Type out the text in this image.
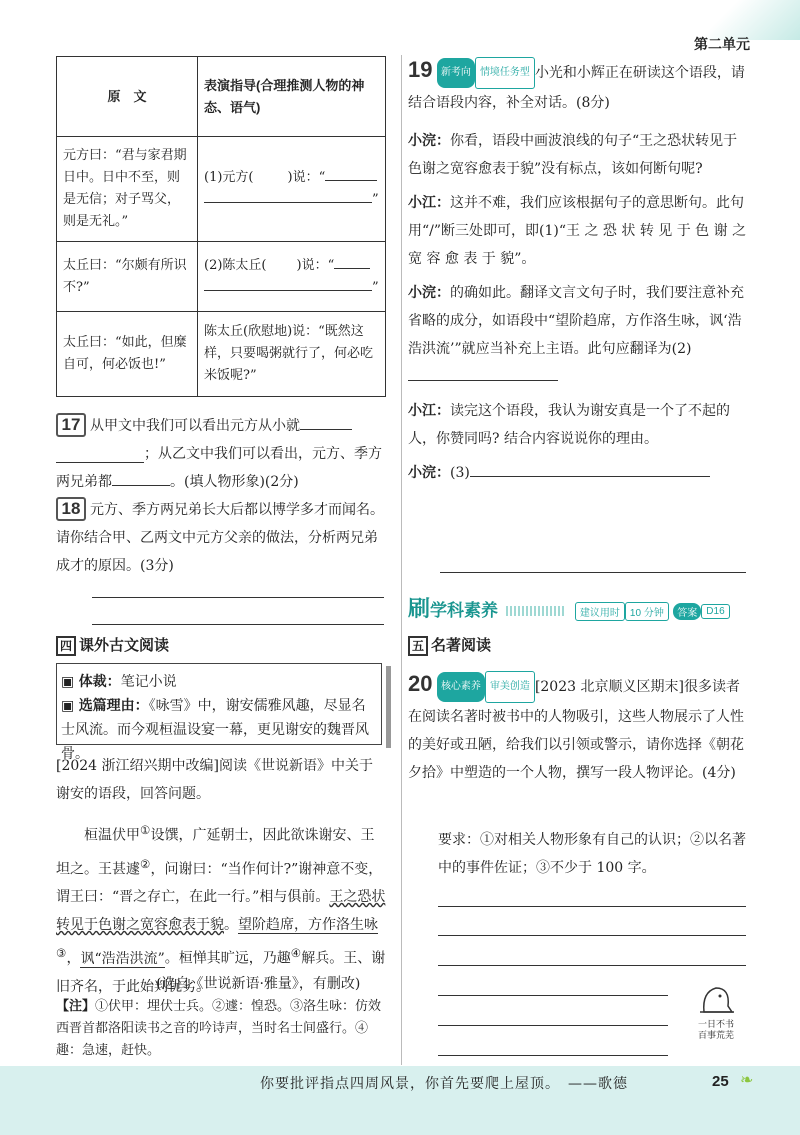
第二单元
原　文	表演指导(合理推测人物的神态、语气)
元方曰：“君与家君期日中。日中不至，则是无信；对子骂父，则是无礼。”	(1)元方( )说：“
”
太丘曰：“尔颇有所识不?”	(2)陈太丘( )说：“
”
太丘曰：“如此，但糜自可，何必饭也!”	陈太丘(欣慰地)说：“既然这样，只要喝粥就行了，何必吃米饭呢?”
17 从甲文中我们可以看出元方从小就
；从乙文中我们可以看出，元方、季方两兄弟都	。(填人物形象)(2分)
18 元方、季方两兄弟长大后都以博学多才而闻名。请你结合甲、乙两文中元方父亲的做法，分析两兄弟成才的原因。(3分)
四 课外古文阅读
▣ 体裁：笔记小说
▣ 选篇理由：《咏雪》中，谢安儒雅风趣，尽显名士风流。而今观桓温设宴一幕，更见谢安的魏晋风骨。
[2024 浙江绍兴期中改编]阅读《世说新语》中关于谢安的语段，回答问题。
桓温伏甲①设馔，广延朝士，因此欲诛谢安、王坦之。王甚遽②，问谢曰：“当作何计?”谢神意不变，谓王曰：“晋之存亡，在此一行。”相与俱前。王之恐状转见于色谢之宽容愈表于貌。望阶趋席，方作洛生咏③，讽“浩浩洪流”。桓惮其旷远，乃趣④解兵。王、谢旧齐名，于此始判优劣。
(选自《世说新语·雅量》，有删改)
【注】①伏甲：埋伏士兵。②遽：惶恐。③洛生咏：仿效西晋首都洛阳读书之音的吟诗声，当时名士间盛行。④趣：急速，赶快。
19 新考向 情境任务型 小光和小辉正在研读这个语段，请结合语段内容，补全对话。(8分)
小浣：你看，语段中画波浪线的句子“王之恐状转见于色谢之宽容愈表于貌”没有标点，该如何断句呢?
小江：这并不难，我们应该根据句子的意思断句。此句用“/”断三处即可，即(1)“王 之 恐 状 转 见 于 色 谢 之 宽 容 愈 表 于 貌”。
小浣：的确如此。翻译文言文句子时，我们要注意补充省略的成分，如语段中“望阶趋席，方作洛生咏，讽‘浩浩洪流’”就应当补充上主语。此句应翻译为(2)
小江：读完这个语段，我认为谢安真是一个了不起的人，你赞同吗? 结合内容说说你的理由。
小浣：(3)
刷学科素养	建议用时 10 分钟 答案 D16
五 名著阅读
20 核心素养 审美创造 [2023 北京顺义区期末]很多读者在阅读名著时被书中的人物吸引，这些人物展示了人性的美好或丑陋，给我们以引领或警示，请你选择《朝花夕拾》中塑造的一个人物，撰写一段人物评论。(4分)
要求：①对相关人物形象有自己的认识；②以名著中的事件佐证；③不少于 100 字。
一日不书
百事荒芜
你要批评指点四周风景，你首先要爬上屋顶。　 ——歌德	25 ❧
